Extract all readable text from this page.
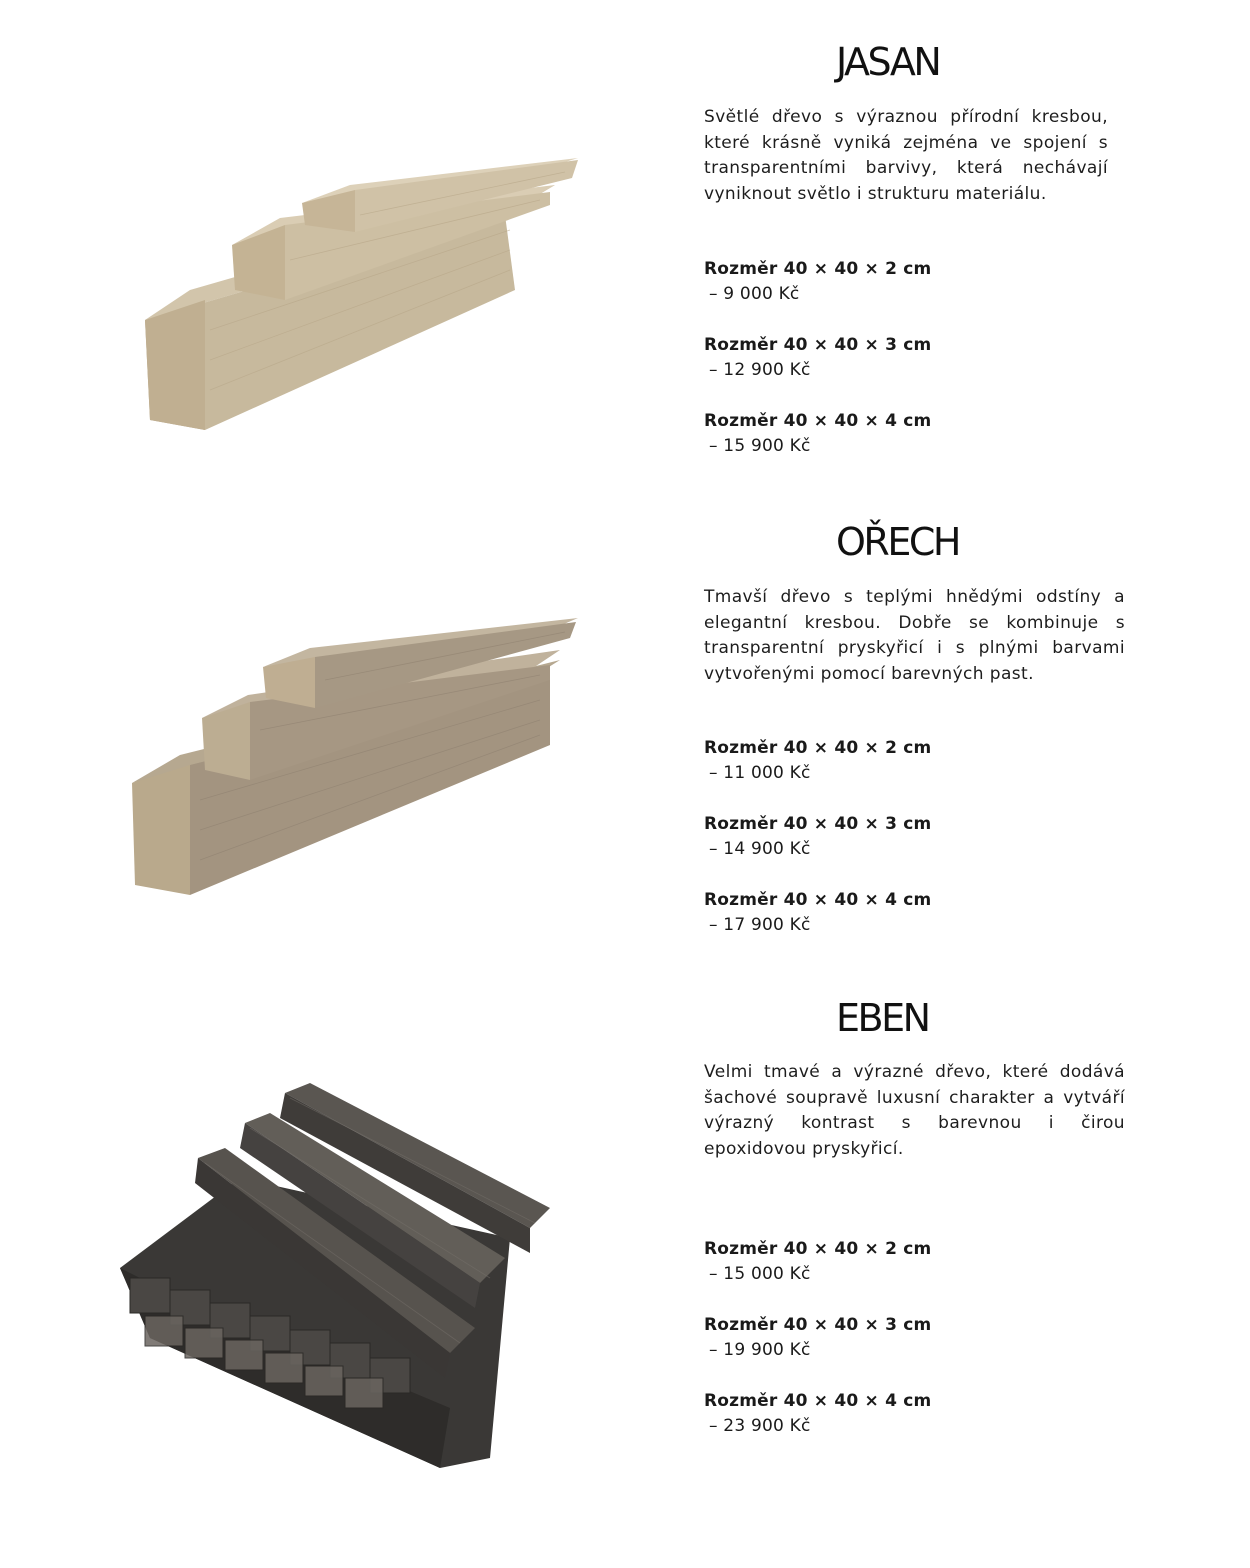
JASAN

Světlé dřevo s výraznou přírodní kresbou, které krásně vyniká zejména ve spojení s transparentními barvivy, která nechávají vyniknout světlo i strukturu materiálu.

Rozměr 40 × 40 × 2 cm
– 9 000 Kč
Rozměr 40 × 40 × 3 cm
– 12 900 Kč
Rozměr 40 × 40 × 4 cm
– 15 900 Kč
OŘECH

Tmavší dřevo s teplými hnědými odstíny a elegantní kresbou. Dobře se kombinuje s transparentní pryskyřicí i s plnými barvami vytvořenými pomocí barevných past.

Rozměr 40 × 40 × 2 cm
– 11 000 Kč
Rozměr 40 × 40 × 3 cm
– 14 900 Kč
Rozměr 40 × 40 × 4 cm
– 17 900 Kč
EBEN

Velmi tmavé a výrazné dřevo, které dodává šachové soupravě luxusní charakter a vytváří výrazný kontrast s barevnou i čirou epoxidovou pryskyřicí.

Rozměr 40 × 40 × 2 cm
– 15 000 Kč
Rozměr 40 × 40 × 3 cm
– 19 900 Kč
Rozměr 40 × 40 × 4 cm
– 23 900 Kč
